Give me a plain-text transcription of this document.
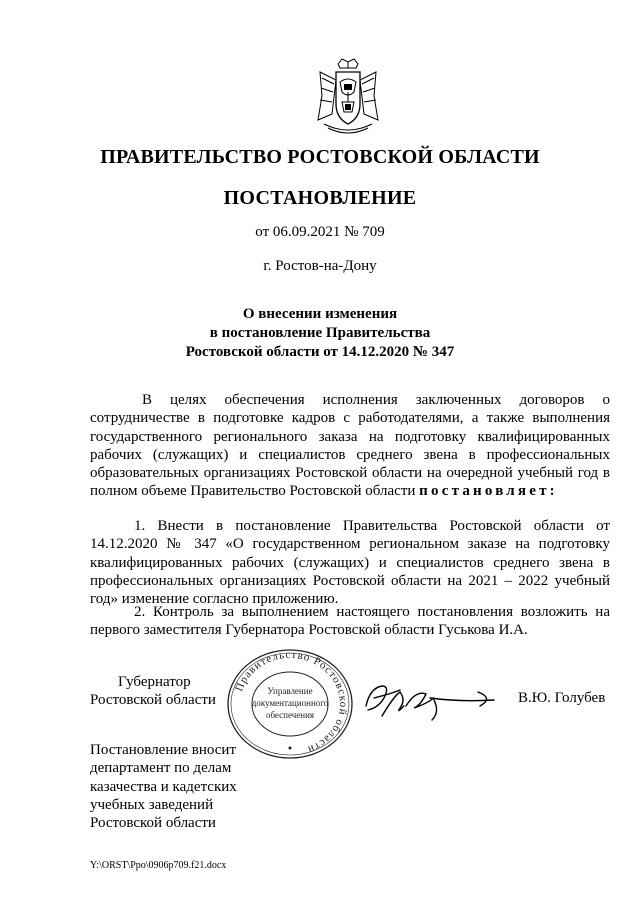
ПРАВИТЕЛЬСТВО РОСТОВСКОЙ ОБЛАСТИ
ПОСТАНОВЛЕНИЕ
от 06.09.2021 № 709
г. Ростов-на-Дону
О внесении изменения
в постановление Правительства
Ростовской области от 14.12.2020 № 347
В целях обеспечения исполнения заключенных договоров о сотрудничестве в подготовке кадров с работодателями, а также выполнения государственного регионального заказа на подготовку квалифицированных рабочих (служащих) и специалистов среднего звена в профессиональных образовательных организациях Ростовской области на очередной учебный год в полном объеме Правительство Ростовской области постановляет:
1. Внести в постановление Правительства Ростовской области от 14.12.2020 № 347 «О государственном региональном заказе на подготовку квалифицированных рабочих (служащих) и специалистов среднего звена в профессиональных организациях Ростовской области на 2021 – 2022 учебный год» изменение согласно приложению.
2. Контроль за выполнением настоящего постановления возложить на первого заместителя Губернатора Ростовской области Гуськова И.А.
Губернатор
Ростовской области
Правительство Ростовской области
Управление
документационного
обеспечения
В.Ю. Голубев
Постановление вносит
департамент по делам
казачества и кадетских
учебных заведений
Ростовской области
Y:\ORST\Ppo\0906p709.f21.docx
